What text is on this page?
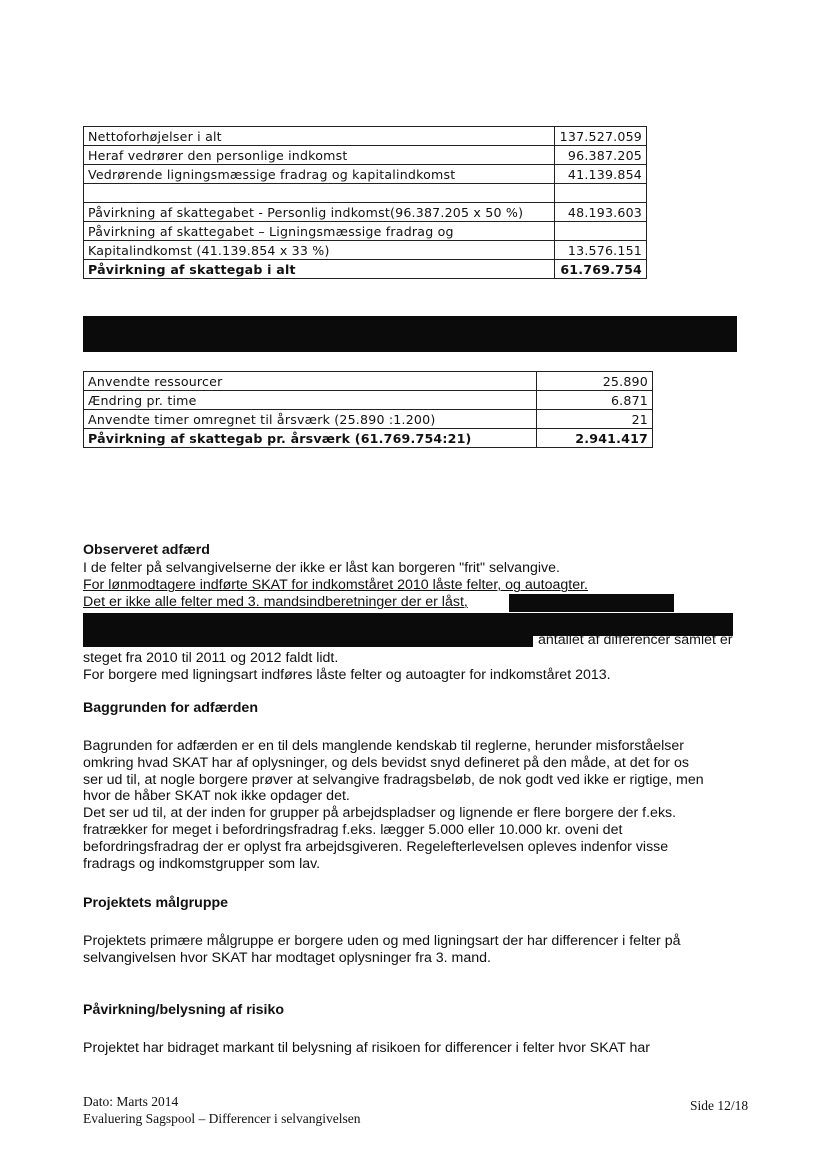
Nettoforhøjelser i alt	137.527.059
Heraf vedrører den personlige indkomst	96.387.205
Vedrørende ligningsmæssige fradrag og kapitalindkomst	41.139.854

Påvirkning af skattegabet - Personlig indkomst(96.387.205 x 50 %)	48.193.603
Påvirkning af skattegabet – Ligningsmæssige fradrag og	
Kapitalindkomst (41.139.854 x 33 %)	13.576.151
Påvirkning af skattegab i alt	61.769.754
Anvendte ressourcer	25.890
Ændring pr. time	6.871
Anvendte timer omregnet til årsværk (25.890 :1.200)	21
Påvirkning af skattegab pr. årsværk (61.769.754:21)	2.941.417
Observeret adfærd
I de felter på selvangivelserne der ikke er låst kan borgeren "frit" selvangive.
For lønmodtagere indførte SKAT for indkomståret 2010 låste felter, og autoagter.
Det er ikke alle felter med 3. mandsindberetninger der er låst,
antallet af differencer samlet er
steget fra 2010 til 2011 og 2012 faldt lidt.
For borgere med ligningsart indføres låste felter og autoagter for indkomståret 2013.
Baggrunden for adfærden
Bagrunden for adfærden er en til dels manglende kendskab til reglerne, herunder misforståelser
omkring hvad SKAT har af oplysninger, og dels bevidst snyd defineret på den måde, at det for os
ser ud til, at nogle borgere prøver at selvangive fradragsbeløb, de nok godt ved ikke er rigtige, men
hvor de håber SKAT nok ikke opdager det.
Det ser ud til, at der inden for grupper på arbejdspladser og lignende er flere borgere der f.eks.
fratrækker for meget i befordringsfradrag f.eks. lægger 5.000 eller 10.000 kr. oveni det
befordringsfradrag der er oplyst fra arbejdsgiveren. Regelefterlevelsen opleves indenfor visse
fradrags og indkomstgrupper som lav.
Projektets målgruppe
Projektets primære målgruppe er borgere uden og med ligningsart der har differencer i felter på
selvangivelsen hvor SKAT har modtaget oplysninger fra 3. mand.
Påvirkning/belysning af risiko
Projektet har bidraget markant til belysning af risikoen for differencer i felter hvor SKAT har
Dato: Marts 2014
Evaluering Sagspool – Differencer i selvangivelsen
Side 12/18
